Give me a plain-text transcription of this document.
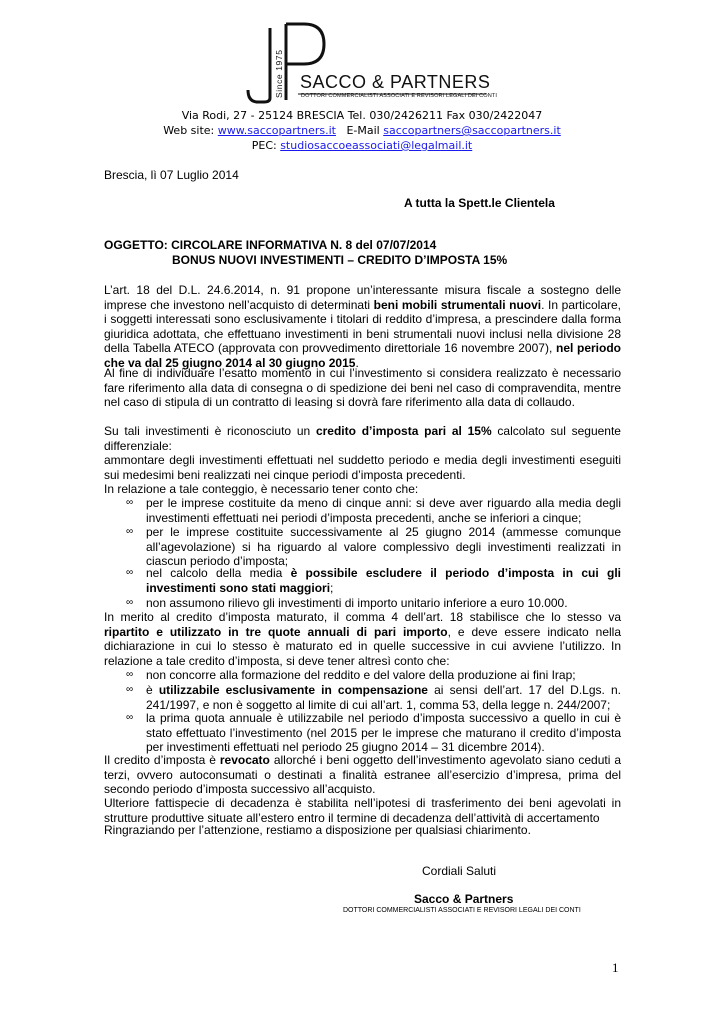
Since 1975 SACCO & PARTNERS
DOTTORI COMMERCIALISTI ASSOCIATI E REVISORI LEGALI DEI CONTI
Via Rodi, 27 - 25124 BRESCIA Tel. 030/2426211 Fax 030/2422047
Web site: www.saccopartners.it   E-Mail saccopartners@saccopartners.it
PEC: studiosaccoeassociati@legalmail.it
Brescia, lì 07 Luglio 2014
A tutta la Spett.le Clientela
OGGETTO: CIRCOLARE INFORMATIVA N. 8 del 07/07/2014
BONUS NUOVI INVESTIMENTI – CREDITO D’IMPOSTA 15%
L’art. 18 del D.L. 24.6.2014, n. 91 propone un’interessante misura fiscale a sostegno delle imprese che investono nell’acquisto di determinati beni mobili strumentali nuovi. In particolare, i soggetti interessati sono esclusivamente i titolari di reddito d’impresa, a prescindere dalla forma giuridica adottata, che effettuano investimenti in beni strumentali nuovi inclusi nella divisione 28 della Tabella ATECO (approvata con provvedimento direttoriale 16 novembre 2007), nel periodo che va dal 25 giugno 2014 al 30 giugno 2015.
Al fine di individuare l’esatto momento in cui l’investimento si considera realizzato è necessario fare riferimento alla data di consegna o di spedizione dei beni nel caso di compravendita, mentre nel caso di stipula di un contratto di leasing si dovrà fare riferimento alla data di collaudo.
Su tali investimenti è riconosciuto un credito d’imposta pari al 15% calcolato sul seguente differenziale:
ammontare degli investimenti effettuati nel suddetto periodo e media degli investimenti eseguiti sui medesimi beni realizzati nei cinque periodi d’imposta precedenti.
In relazione a tale conteggio, è necessario tener conto che:
∞ per le imprese costituite da meno di cinque anni: si deve aver riguardo alla media degli investimenti effettuati nei periodi d’imposta precedenti, anche se inferiori a cinque;
∞ per le imprese costituite successivamente al 25 giugno 2014 (ammesse comunque all’agevolazione) si ha riguardo al valore complessivo degli investimenti realizzati in ciascun periodo d’imposta;
∞ nel calcolo della media è possibile escludere il periodo d’imposta in cui gli investimenti sono stati maggiori;
∞ non assumono rilievo gli investimenti di importo unitario inferiore a euro 10.000.
In merito al credito d’imposta maturato, il comma 4 dell’art. 18 stabilisce che lo stesso va ripartito e utilizzato in tre quote annuali di pari importo, e deve essere indicato nella dichiarazione in cui lo stesso è maturato ed in quelle successive in cui avviene l’utilizzo. In relazione a tale credito d’imposta, si deve tener altresì conto che:
∞ non concorre alla formazione del reddito e del valore della produzione ai fini Irap;
∞ è utilizzabile esclusivamente in compensazione ai sensi dell’art. 17 del D.Lgs. n. 241/1997, e non è soggetto al limite di cui all’art. 1, comma 53, della legge n. 244/2007;
∞ la prima quota annuale è utilizzabile nel periodo d’imposta successivo a quello in cui è stato effettuato l’investimento (nel 2015 per le imprese che maturano il credito d’imposta per investimenti effettuati nel periodo 25 giugno 2014 – 31 dicembre 2014).
Il credito d’imposta è revocato allorché i beni oggetto dell’investimento agevolato siano ceduti a terzi, ovvero autoconsumati o destinati a finalità estranee all’esercizio d’impresa, prima del secondo periodo d’imposta successivo all’acquisto.
Ulteriore fattispecie di decadenza è stabilita nell’ipotesi di trasferimento dei beni agevolati in strutture produttive situate all’estero entro il termine di decadenza dell’attività di accertamento
Ringraziando per l’attenzione, restiamo a disposizione per qualsiasi chiarimento.
Cordiali Saluti
Sacco & Partners
DOTTORI COMMERCIALISTI ASSOCIATI E REVISORI LEGALI DEI CONTI
1
